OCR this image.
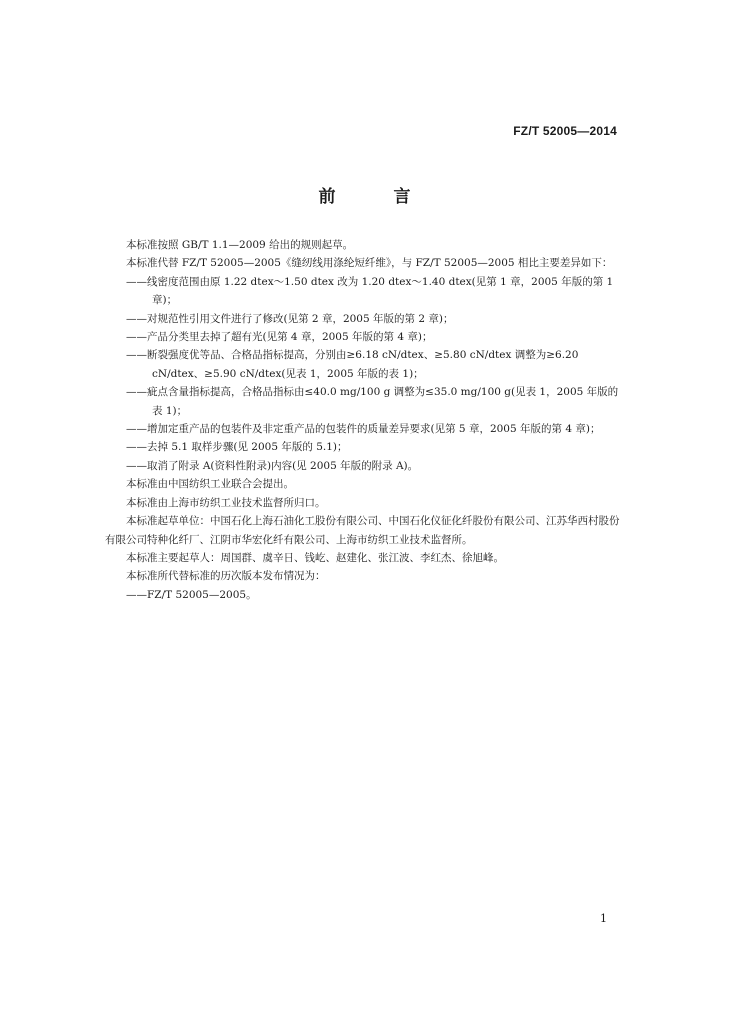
FZ/T 52005—2014
前 言

本标准按照 GB/T 1.1—2009 给出的规则起草。

本标准代替 FZ/T 52005—2005《缝纫线用涤纶短纤维》，与 FZ/T 52005—2005 相比主要差异如下：

——线密度范围由原 1.22 dtex～1.50 dtex 改为 1.20 dtex～1.40 dtex(见第 1 章，2005 年版的第 1 章)；

——对规范性引用文件进行了修改(见第 2 章，2005 年版的第 2 章)；

——产品分类里去掉了超有光(见第 4 章，2005 年版的第 4 章)；

——断裂强度优等品、合格品指标提高，分别由≥6.18 cN/dtex、≥5.80 cN/dtex 调整为≥6.20 cN/dtex、≥5.90 cN/dtex(见表 1，2005 年版的表 1)；

——疵点含量指标提高，合格品指标由≤40.0 mg/100 g 调整为≤35.0 mg/100 g(见表 1，2005 年版的表 1)；

——增加定重产品的包装件及非定重产品的包装件的质量差异要求(见第 5 章，2005 年版的第 4 章)；

——去掉 5.1 取样步骤(见 2005 年版的 5.1)；

——取消了附录 A(资料性附录)内容(见 2005 年版的附录 A)。

本标准由中国纺织工业联合会提出。

本标准由上海市纺织工业技术监督所归口。

本标准起草单位：中国石化上海石油化工股份有限公司、中国石化仪征化纤股份有限公司、江苏华西村股份有限公司特种化纤厂、江阴市华宏化纤有限公司、上海市纺织工业技术监督所。

本标准主要起草人：周国群、虞辛日、钱屹、赵建化、张江波、李红杰、徐旭峰。

本标准所代替标准的历次版本发布情况为：

——FZ/T 52005—2005。

1
